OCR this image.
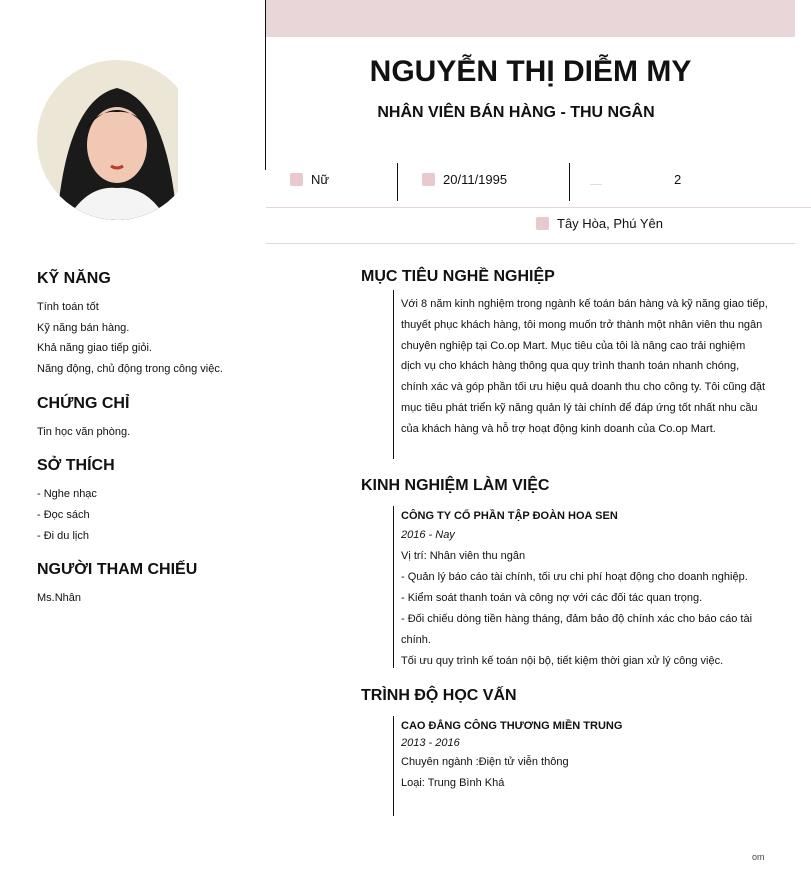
NGUYỄN THỊ DIỄM MY
NHÂN VIÊN BÁN HÀNG - THU NGÂN
Nữ	20/11/1995	2
Tây Hòa, Phú Yên
KỸ NĂNG
Tính toán tốt
Kỹ năng bán hàng.
Khả năng giao tiếp giỏi.
Năng động, chủ động trong công việc.
CHỨNG CHỈ
Tin học văn phòng.
SỞ THÍCH
- Nghe nhạc
- Đọc sách
- Đi du lịch
NGƯỜI THAM CHIẾU
Ms.Nhân
MỤC TIÊU NGHỀ NGHIỆP
Với 8 năm kinh nghiệm trong ngành kế toán bán hàng và kỹ năng giao tiếp, thuyết phục khách hàng, tôi mong muốn trở thành một nhân viên thu ngân chuyên nghiệp tại Co.op Mart. Mục tiêu của tôi là nâng cao trải nghiệm dịch vụ cho khách hàng thông qua quy trình thanh toán nhanh chóng, chính xác và góp phần tối ưu hiệu quả doanh thu cho công ty. Tôi cũng đặt mục tiêu phát triển kỹ năng quản lý tài chính để đáp ứng tốt nhất nhu cầu của khách hàng và hỗ trợ hoạt động kinh doanh của Co.op Mart.
KINH NGHIỆM LÀM VIỆC

CÔNG TY CỔ PHẦN TẬP ĐOÀN HOA SEN

2016 - Nay

Vị trí: Nhân viên thu ngân

- Quản lý báo cáo tài chính, tối ưu chi phí hoạt động cho doanh nghiệp.

- Kiểm soát thanh toán và công nợ với các đối tác quan trọng.

- Đối chiếu dòng tiền hàng tháng, đảm bảo độ chính xác cho báo cáo tài chính.

Tối ưu quy trình kế toán nội bộ, tiết kiệm thời gian xử lý công việc.

TRÌNH ĐỘ HỌC VẤN

CAO ĐẲNG CÔNG THƯƠNG MIỀN TRUNG

2013 - 2016

Chuyên ngành :Điện tử viễn thông

Loại: Trung Bình Khá

om
